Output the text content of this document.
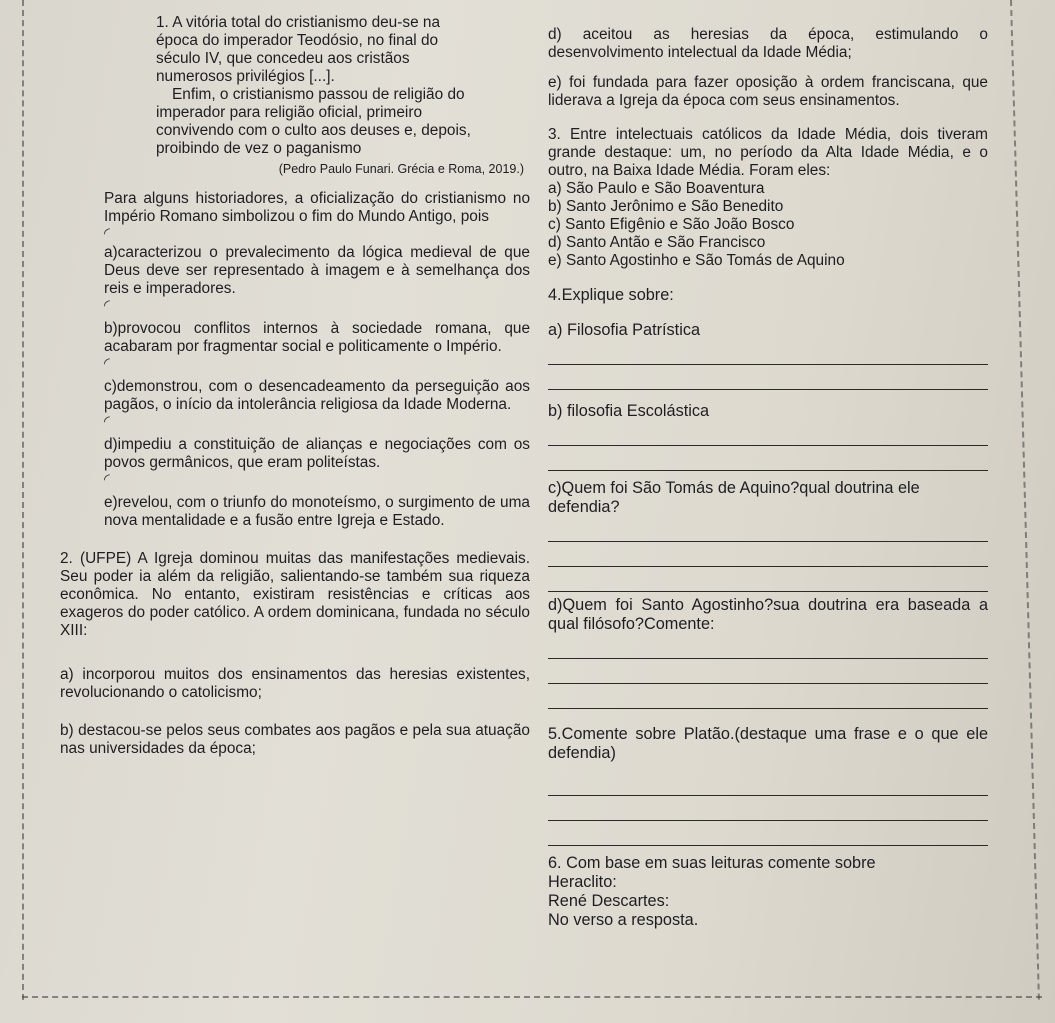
1. A vitória total do cristianismo deu-se na

época do imperador Teodósio, no final do

século IV, que concedeu aos cristãos

numerosos privilégios [...].

Enfim, o cristianismo passou de religião do

imperador para religião oficial, primeiro

convivendo com o culto aos deuses e, depois,

proibindo de vez o paganismo

(Pedro Paulo Funari. Grécia e Roma, 2019.)

Para alguns historiadores, a oficialização do cristianismo no Império Romano simbolizou o fim do Mundo Antigo, pois

◜

a)caracterizou o prevalecimento da lógica medieval de que Deus deve ser representado à imagem e à semelhança dos reis e imperadores.

◜

b)provocou conflitos internos à sociedade romana, que acabaram por fragmentar social e politicamente o Império.

◜

c)demonstrou, com o desencadeamento da perseguição aos pagãos, o início da intolerância religiosa da Idade Moderna.

◜

d)impediu a constituição de alianças e negociações com os povos germânicos, que eram politeístas.

◜

e)revelou, com o triunfo do monoteísmo, o surgimento de uma nova mentalidade e a fusão entre Igreja e Estado.

2. (UFPE) A Igreja dominou muitas das manifestações medievais. Seu poder ia além da religião, salientando-se também sua riqueza econômica. No entanto, existiram resistências e críticas aos exageros do poder católico. A ordem dominicana, fundada no século XIII:

a) incorporou muitos dos ensinamentos das heresias existentes, revolucionando o catolicismo;

b) destacou-se pelos seus combates aos pagãos e pela sua atuação nas universidades da época;

d) aceitou as heresias da época, estimulando o desenvolvimento intelectual da Idade Média;

e) foi fundada para fazer oposição à ordem franciscana, que liderava a Igreja da época com seus ensinamentos.

3. Entre intelectuais católicos da Idade Média, dois tiveram grande destaque: um, no período da Alta Idade Média, e o outro, na Baixa Idade Média. Foram eles:

a) São Paulo e São Boaventura

b) Santo Jerônimo e São Benedito

c) Santo Efigênio e São João Bosco

d) Santo Antão e São Francisco

e) Santo Agostinho e São Tomás de Aquino

4.Explique sobre:

a) Filosofia Patrística

b) filosofia Escolástica

c)Quem foi São Tomás de Aquino?qual doutrina ele defendia?

d)Quem foi Santo Agostinho?sua doutrina era baseada a qual filósofo?Comente:

5.Comente sobre Platão.(destaque uma frase e o que ele defendia)

6. Com base em suas leituras comente sobre

Heraclito:

René Descartes:

No verso a resposta.
